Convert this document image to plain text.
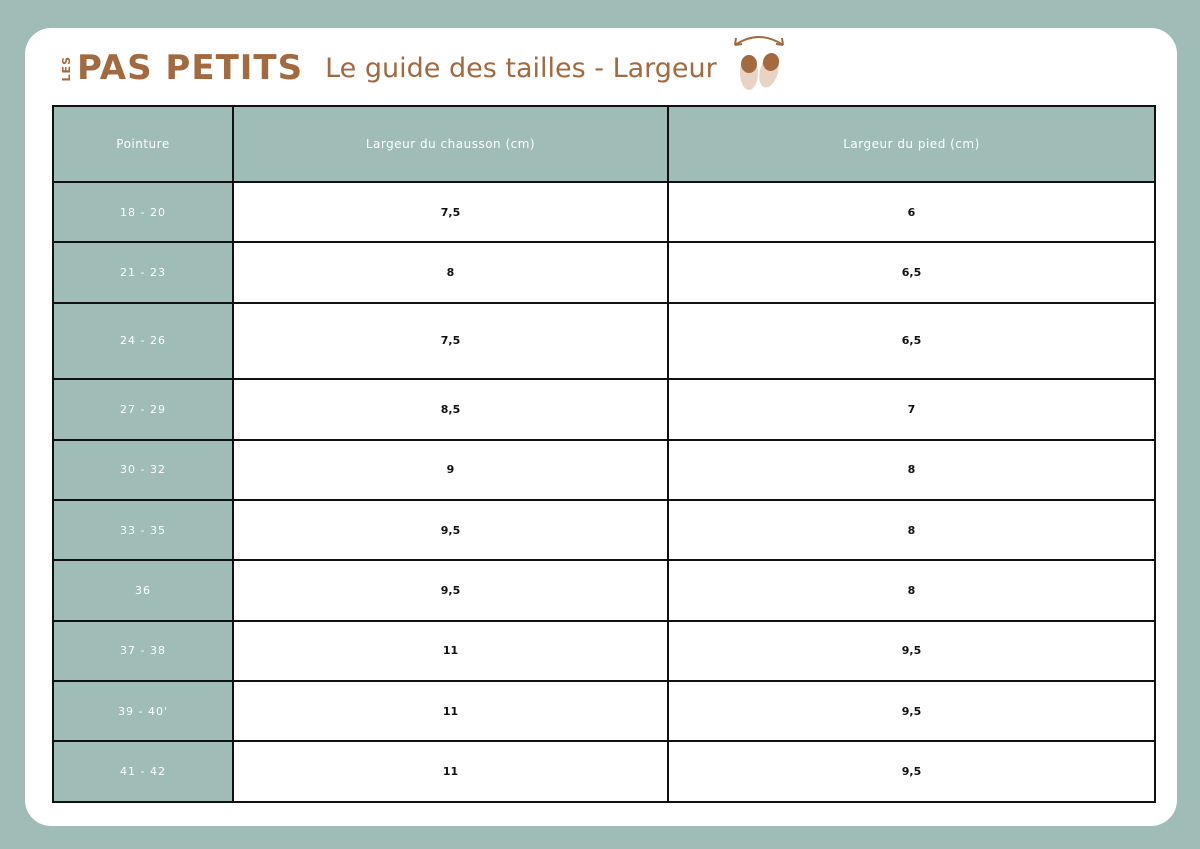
LES PAS PETITS Le guide des tailles - Largeur
Pointure	Largeur du chausson (cm)	Largeur du pied (cm)
18 - 20	7,5	6
21 - 23	8	6,5
24 - 26	7,5	6,5
27 - 29	8,5	7
30 - 32	9	8
33 - 35	9,5	8
36	9,5	8
37 - 38	11	9,5
39 - 40'	11	9,5
41 - 42	11	9,5
